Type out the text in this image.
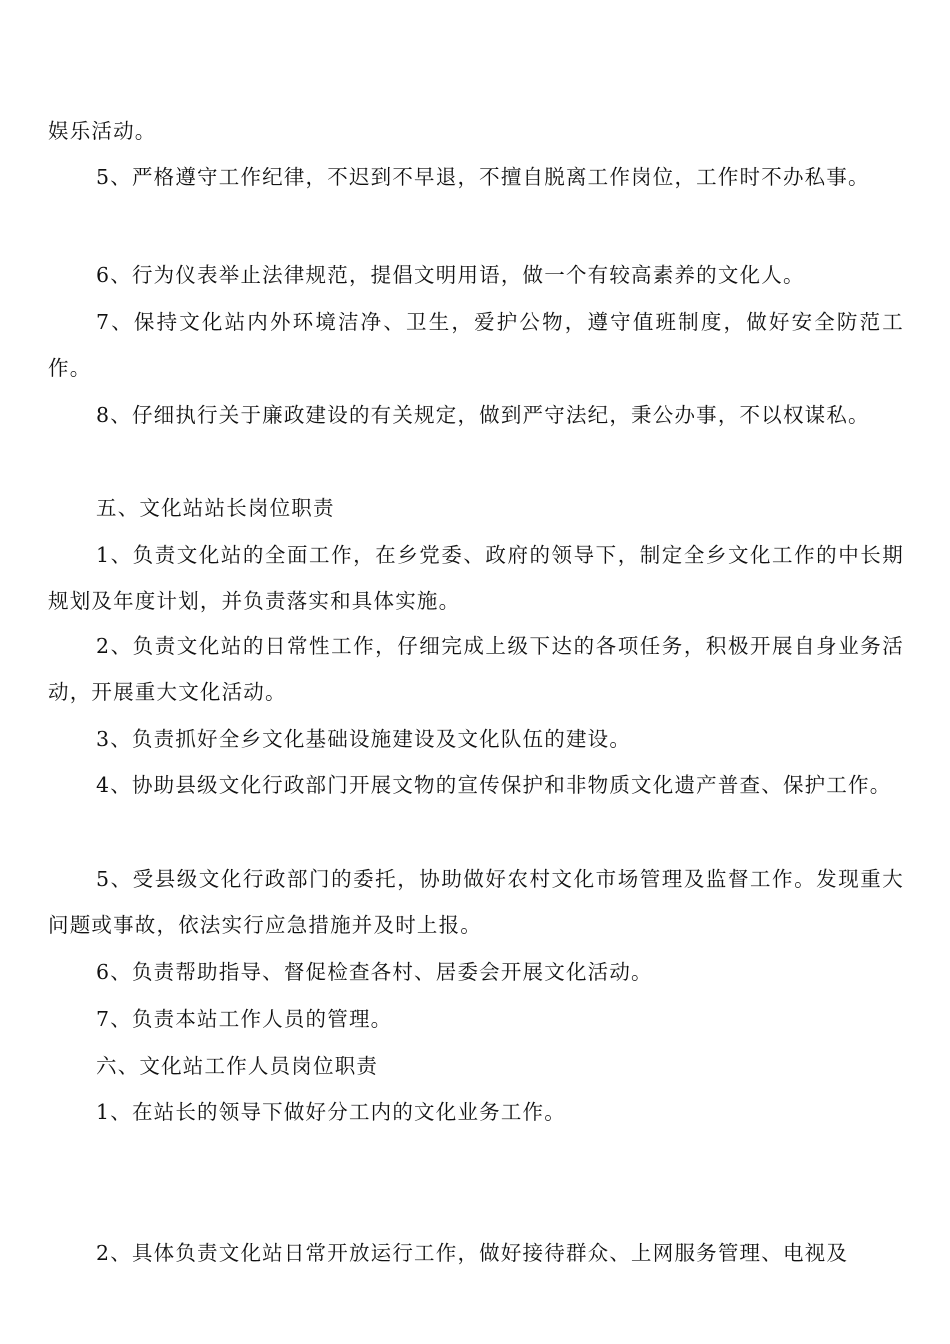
娱乐活动。

5、严格遵守工作纪律，不迟到不早退，不擅自脱离工作岗位，工作时不办私事。

6、行为仪表举止法律规范，提倡文明用语，做一个有较高素养的文化人。

7、保持文化站内外环境洁净、卫生，爱护公物，遵守值班制度，做好安全防范工作。

8、仔细执行关于廉政建设的有关规定，做到严守法纪，秉公办事，不以权谋私。

五、文化站站长岗位职责

1、负责文化站的全面工作，在乡党委、政府的领导下，制定全乡文化工作的中长期规划及年度计划，并负责落实和具体实施。

2、负责文化站的日常性工作，仔细完成上级下达的各项任务，积极开展自身业务活动，开展重大文化活动。

3、负责抓好全乡文化基础设施建设及文化队伍的建设。

4、协助县级文化行政部门开展文物的宣传保护和非物质文化遗产普查、保护工作。

5、受县级文化行政部门的委托，协助做好农村文化市场管理及监督工作。发现重大问题或事故，依法实行应急措施并及时上报。

6、负责帮助指导、督促检查各村、居委会开展文化活动。

7、负责本站工作人员的管理。

六、文化站工作人员岗位职责

1、在站长的领导下做好分工内的文化业务工作。

2、具体负责文化站日常开放运行工作，做好接待群众、上网服务管理、电视及
